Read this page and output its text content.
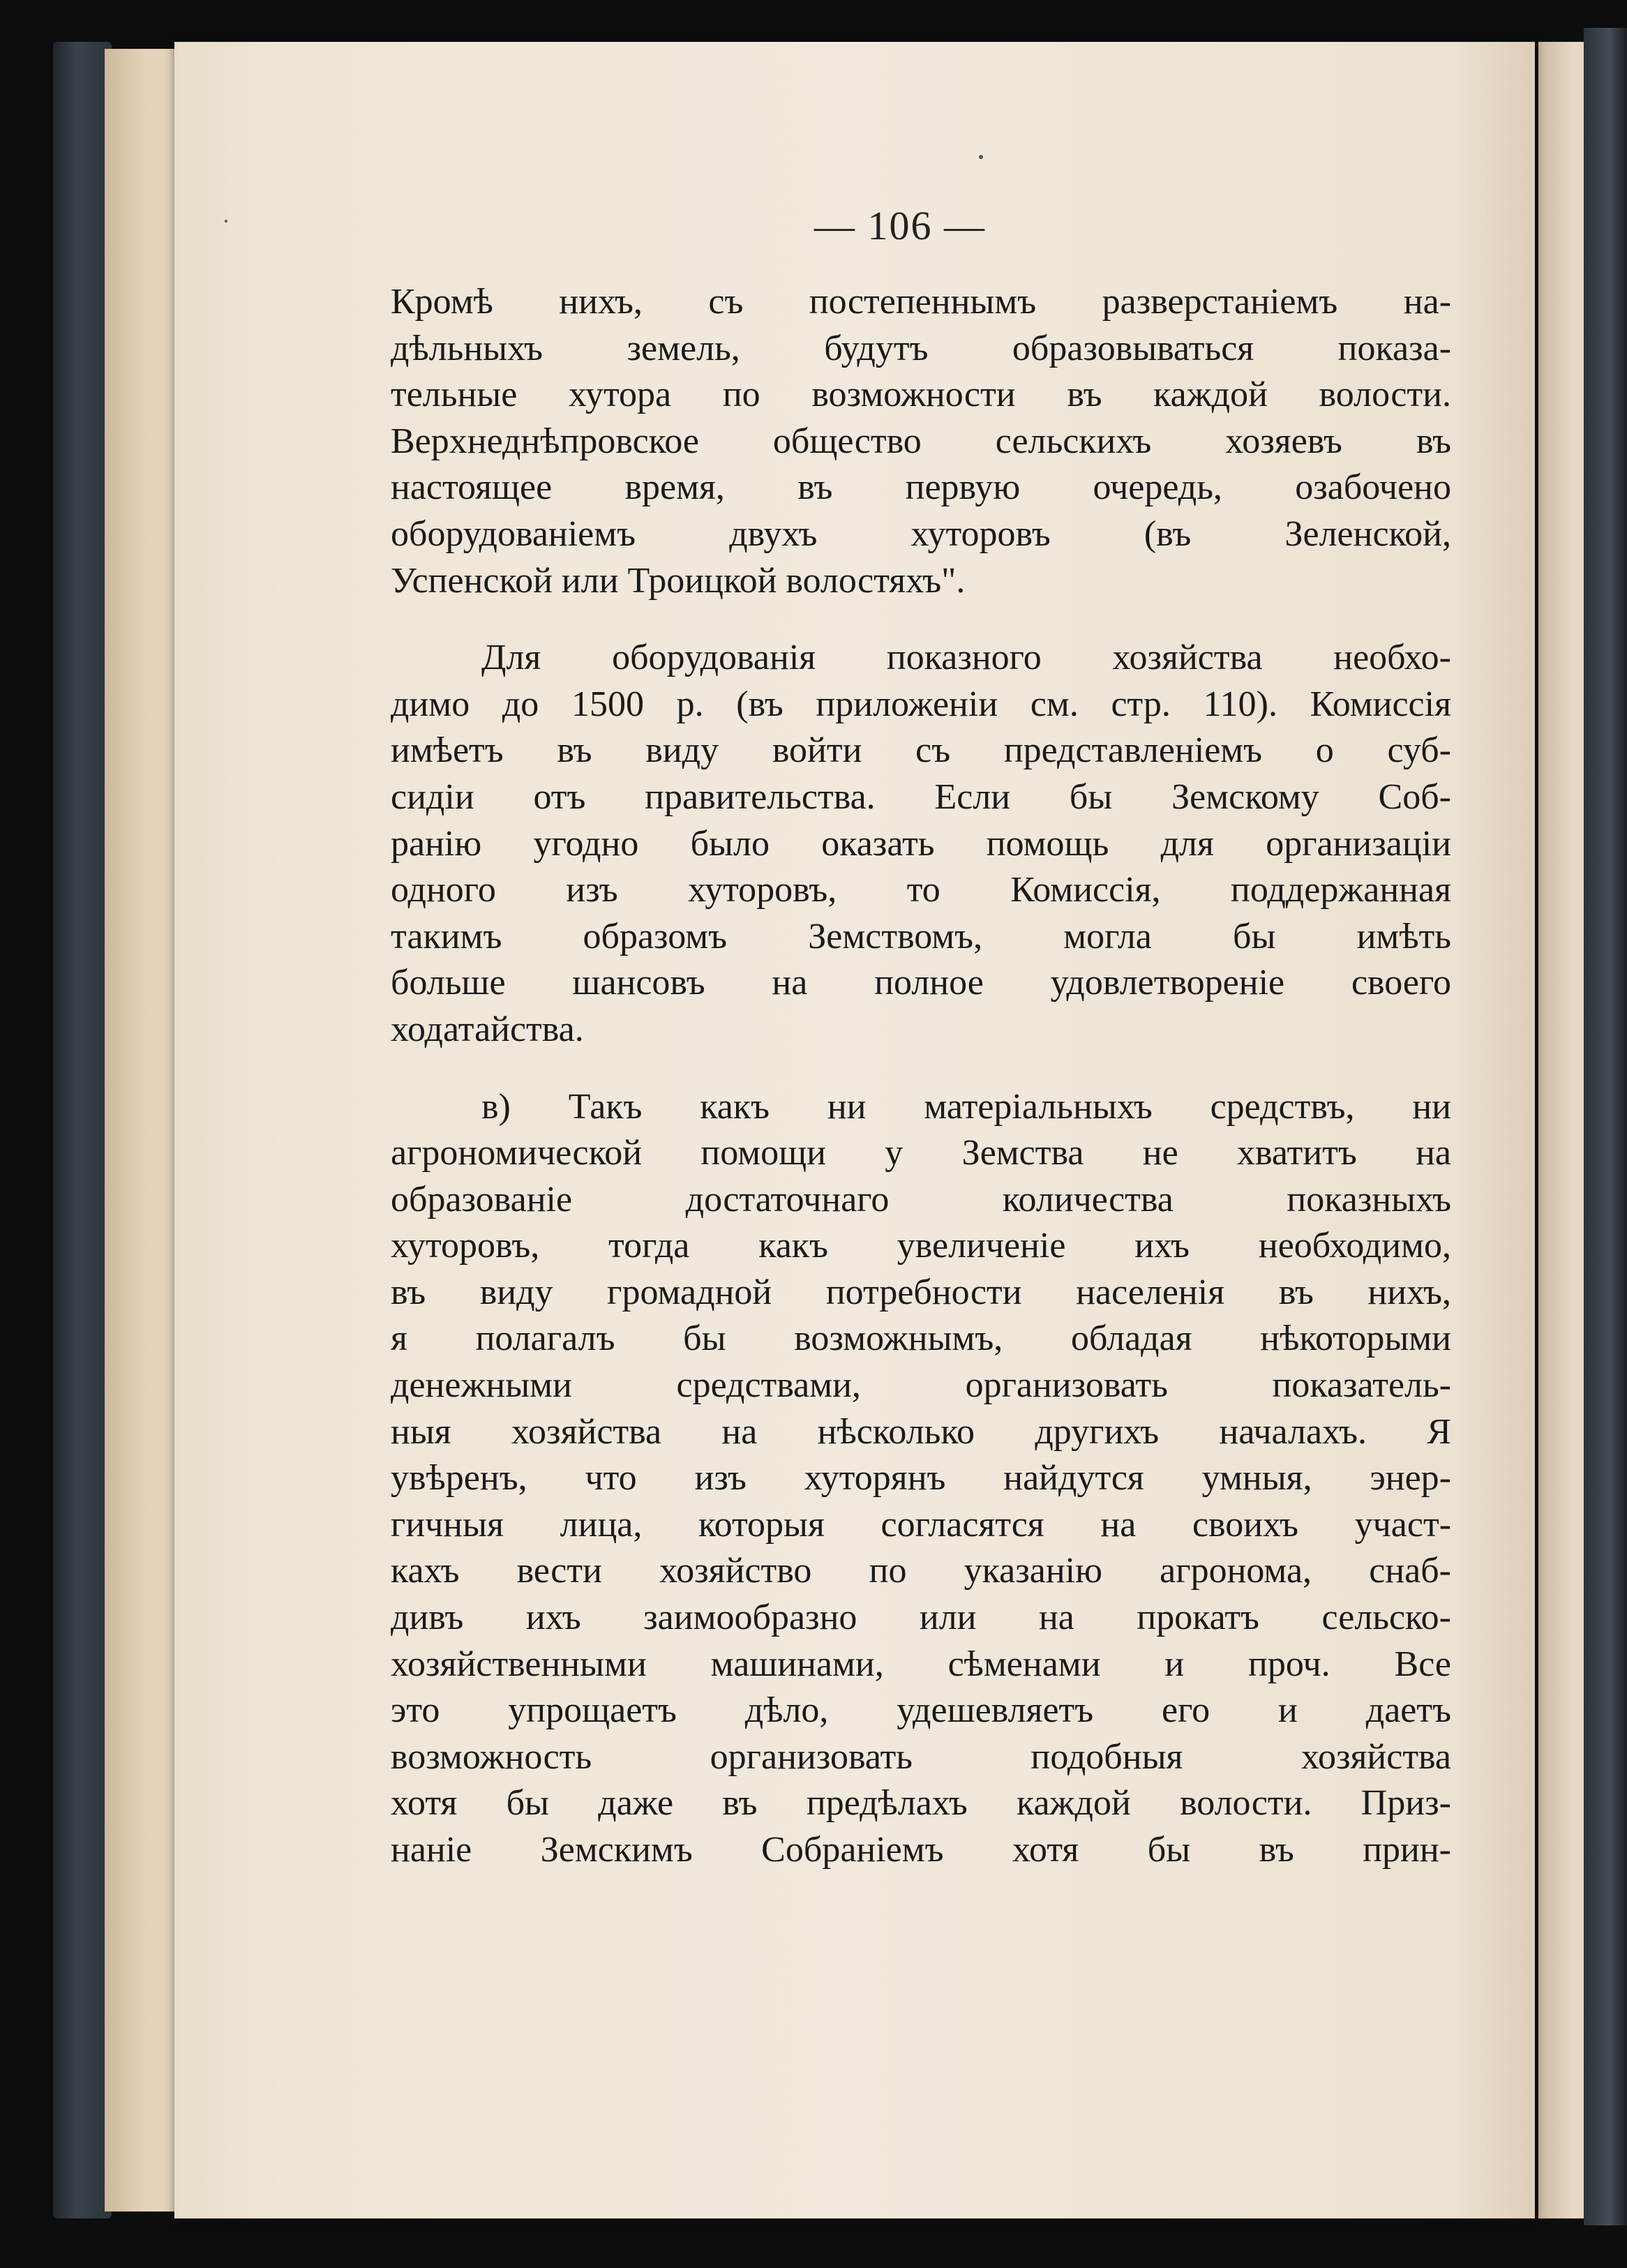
— 106 —
Кромѣ нихъ, съ постепеннымъ разверстаніемъ на-
дѣльныхъ земель, будутъ образовываться показа-
тельные хутора по возможности въ каждой волости.
Верхнеднѣпровское общество сельскихъ хозяевъ въ
настоящее время, въ первую очередь, озабочено
оборудованіемъ двухъ хуторовъ (въ Зеленской,
Успенской или Троицкой волостяхъ".
Для оборудованія показного хозяйства необхо-
димо до 1500 р. (въ приложеніи см. стр. 110). Комиссія
имѣетъ въ виду войти съ представленіемъ о суб-
сидіи отъ правительства. Если бы Земскому Соб-
ранію угодно было оказать помощь для организаціи
одного изъ хуторовъ, то Комиссія, поддержанная
такимъ образомъ Земствомъ, могла бы имѣть
больше шансовъ на полное удовлетвореніе своего
ходатайства.
в) Такъ какъ ни матеріальныхъ средствъ, ни
агрономической помощи у Земства не хватитъ на
образованіе достаточнаго количества показныхъ
хуторовъ, тогда какъ увеличеніе ихъ необходимо,
въ виду громадной потребности населенія въ нихъ,
я полагалъ бы возможнымъ, обладая нѣкоторыми
денежными средствами, организовать показатель-
ныя хозяйства на нѣсколько другихъ началахъ. Я
увѣренъ, что изъ хуторянъ найдутся умныя, энер-
гичныя лица, которыя согласятся на своихъ участ-
кахъ вести хозяйство по указанію агронома, снаб-
дивъ ихъ заимообразно или на прокатъ сельско-
хозяйственными машинами, сѣменами и проч. Все
это упрощаетъ дѣло, удешевляетъ его и даетъ
возможность организовать подобныя хозяйства
хотя бы даже въ предѣлахъ каждой волости. Приз-
наніе Земскимъ Собраніемъ хотя бы въ прин-
